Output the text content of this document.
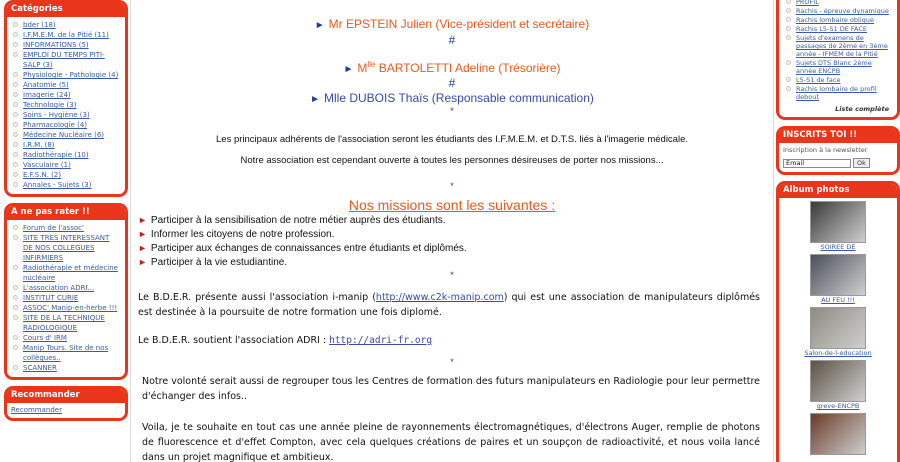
Catégories
bder (18)
I.F.M.E.M. de la Pitié (11)
INFORMATIONS (5)
EMPLOI DU TEMPS PITI-SALP (3)
Physiologie - Pathologie (4)
Anatomie (5)
Imagerie (24)
Technologie (3)
Soins - Hygiène (3)
Pharmacologie (4)
Médecine Nucléaire (6)
I.R.M. (8)
Radiothérapie (10)
Vasculaire (1)
E.F.S.N. (2)
Annales - Sujets (3)
A ne pas rater !!
Forum de l'assoc'
SITE TRES INTERESSANT DE NOS COLLEGUES INFIRMIERS
Radiothérapie et médecine nucléaire
L'association ADRI...
INSTITUT CURIE
ASSOC' Manip-en-herbe !!!
SITE DE LA TECHNIQUE RADIOLOGIQUE
Cours d' IRM
Manip Tours. Site de nos collègues..
SCANNER
Recommander
Recommander
► Mr EPSTEIN Julien (Vice-président et secrétaire)
#
► $M^{lle}$ BARTOLETTI Adeline (Trésorière)
#
► Mlle DUBOIS Thaïs (Responsable communication)
*
Les principaux adhérents de l'association seront les étudiants des I.F.M.E.M. et D.T.S. liés à l'imagerie médicale.
Notre association est cependant ouverte à toutes les personnes désireuses de porter nos missions...
*
Nos missions sont les suivantes :
► Participer à la sensibilisation de notre métier auprès des étudiants.
► Informer les citoyens de notre profession.
► Participer aux échanges de connaissances entre étudiants et diplômés.
► Participer à la vie estudiantine.
*
Le B.D.E.R. présente aussi l'association i-manip (http://www.c2k-manip.com) qui est une association de manipulateurs diplômés est destinée à la poursuite de notre formation une fois diplomé.
Le B.D.E.R. soutient l'association ADRI : http://adri-fr.org
*
Notre volonté serait aussi de regrouper tous les Centres de formation des futurs manipulateurs en Radiologie pour leur permettre d'échanger des infos..
Voila, je te souhaite en tout cas une année pleine de rayonnements électromagnétiques, d'électrons Auger, remplie de photons de fluorescence et d'effet Compton, avec cela quelques créations de paires et un soupçon de radioactivité, et nous voila lancé dans un projet magnifique et ambitieux.
PROFIL
Rachis - épreuve dynamique
Rachis lombaire oblique
Rachis L5-S1 DE FACE
Sujets d'examens de passages de 2ème en 3ème année - IFMEM de la Pitié
Sujets DTS Blanc 2ème année ENCPB
L5-S1 de face
Rachis lombaire de profil debout
Liste complète
INSCRITS TOI !!
Inscription à la newsletter
Email	Ok
Album photos
SOIREE DE
AU FEU !!!
Salon-de-l-education
greve-ENCPB
